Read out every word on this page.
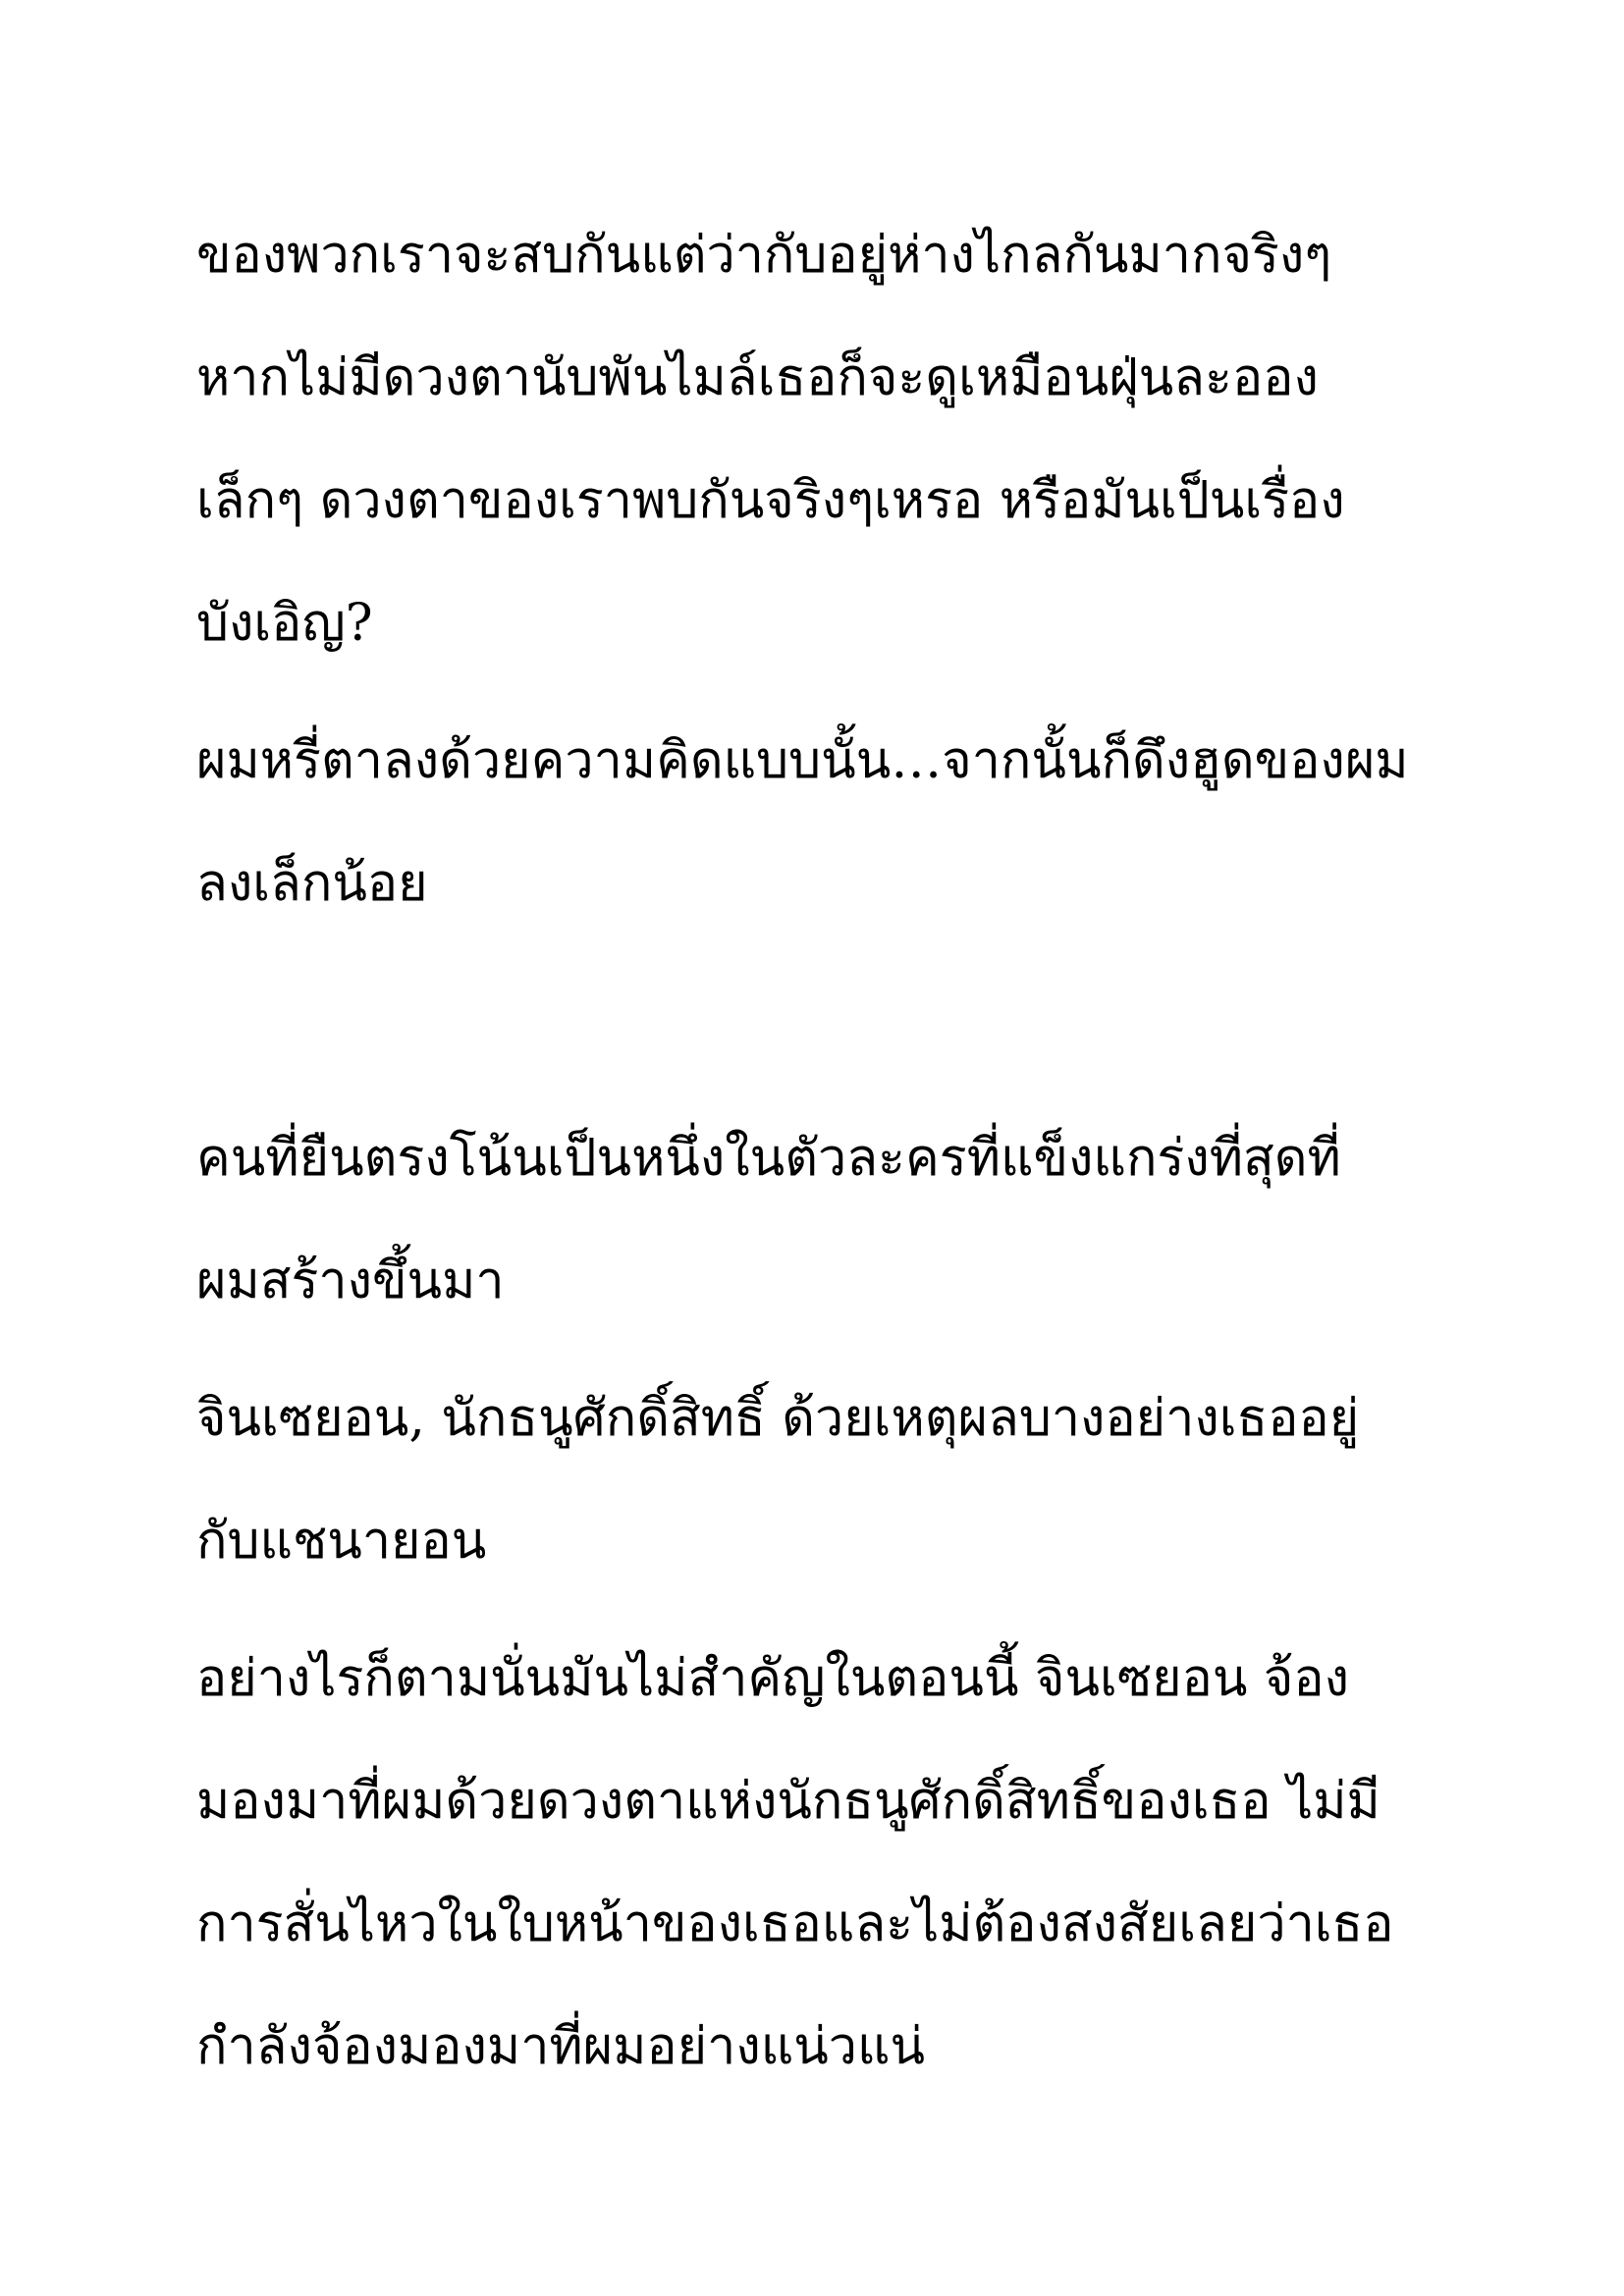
ของพวกเราจะสบกันแต่ว่ากับอยู่ห่างไกลกันมากจริงๆ

หากไม่มีดวงตานับพันไมล์เธอก็จะดูเหมือนฝุ่นละออง

เล็กๆ ดวงตาของเราพบกันจริงๆเหรอ หรือมันเป็นเรื่อง

บังเอิญ?

ผมหรี่ตาลงด้วยความคิดแบบนั้น…จากนั้นก็ดึงฮูดของผม

ลงเล็กน้อย

คนที่ยืนตรงโน้นเป็นหนึ่งในตัวละครที่แข็งแกร่งที่สุดที่

ผมสร้างขึ้นมา

จินเซยอน, นักธนูศักดิ์สิทธิ์ ด้วยเหตุผลบางอย่างเธออยู่

กับแชนายอน

อย่างไรก็ตามนั่นมันไม่สำคัญในตอนนี้ จินเซยอน จ้อง

มองมาที่ผมด้วยดวงตาแห่งนักธนูศักดิ์สิทธิ์ของเธอ ไม่มี

การสั่นไหวในใบหน้าของเธอและไม่ต้องสงสัยเลยว่าเธอ

กำลังจ้องมองมาที่ผมอย่างแน่วแน่
